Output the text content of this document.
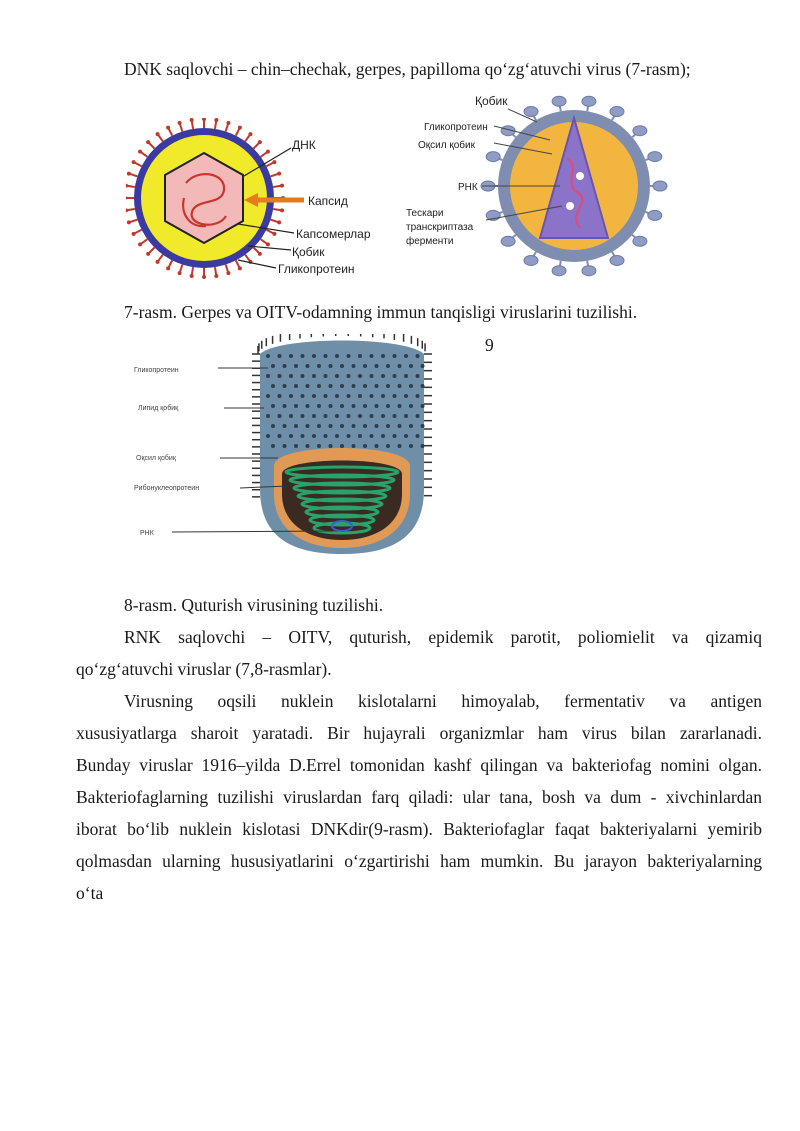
DNK saqlovchi – chin–chechak, gerpes, papilloma qo‘zg‘atuvchi virus (7-rasm);
ДНК
Капсид
Капсомерлар
Қобик
Гликопротеин
Қобик
Гликопротеин
Оқсил қобик
РНК
Тескари
транскриптаза
ферменти
7-rasm. Gerpes va OITV-odamning immun tanqisligi viruslarini tuzilishi.
9
Гликопротеин
Липид қобиқ
Оқсил қобиқ
Рибонуклеопротеин
РНК
8-rasm. Quturish virusining tuzilishi.
RNK saqlovchi – OITV, quturish, epidemik parotit, poliomielit va qizamiq
qo‘zg‘atuvchi viruslar (7,8-rasmlar).
Virusning oqsili nuklein kislotalarni himoyalab, fermentativ va antigen
xususiyatlarga sharoit yaratadi. Bir hujayrali organizmlar ham virus bilan zararlanadi.
Bunday viruslar 1916–yilda D.Errel tomonidan kashf qilingan va bakteriofag nomini olgan.
Bakteriofaglarning tuzilishi viruslardan farq qiladi: ular tana, bosh va dum - xivchinlardan
iborat bo‘lib nuklein kislotasi DNKdir(9-rasm). Bakteriofaglar faqat bakteriyalarni yemirib
qolmasdan ularning hususiyatlarini o‘zgartirishi ham mumkin. Bu jarayon bakteriyalarning
o‘ta
